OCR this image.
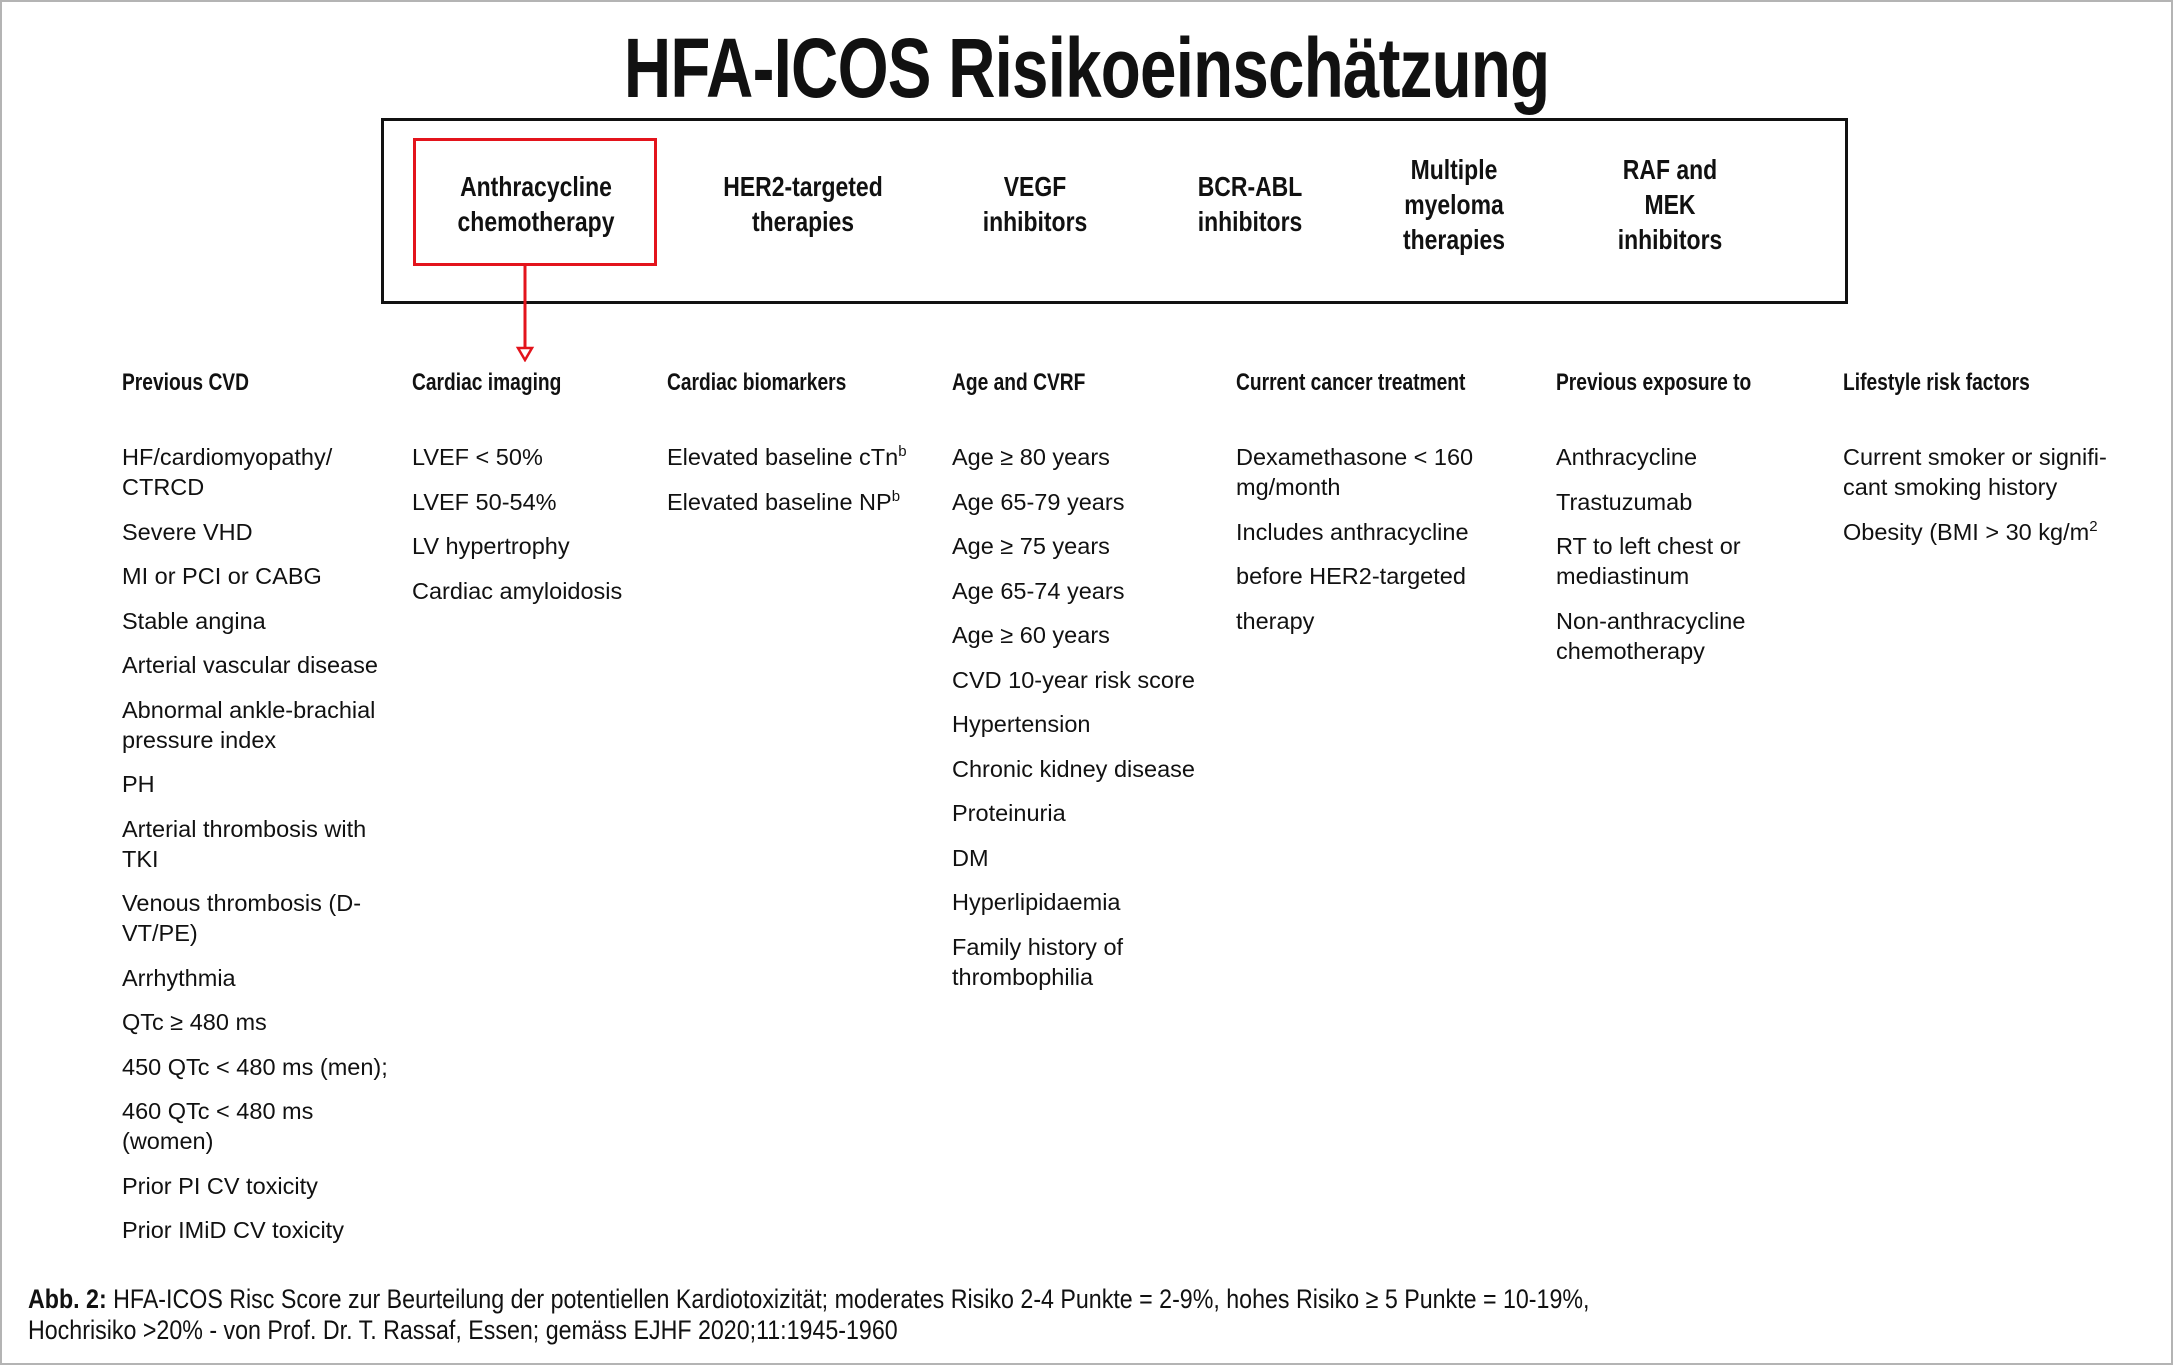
HFA-ICOS Risikoeinschätzung
Anthracycline
chemotherapy
HER2-targeted
therapies
VEGF
inhibitors
BCR-ABL
inhibitors
Multiple
myeloma
therapies
RAF and
MEK
inhibitors
Previous CVD
HF/cardiomyopathy/
CTRCD
Severe VHD
MI or PCI or CABG
Stable angina
Arterial vascular disease
Abnormal ankle-brachial
pressure index
PH
Arterial thrombosis with
TKI
Venous thrombosis (D-
VT/PE)
Arrhythmia
QTc ≥ 480 ms
450 QTc < 480 ms (men);
460 QTc < 480 ms
(women)
Prior PI CV toxicity
Prior IMiD CV toxicity
Cardiac imaging
LVEF < 50%
LVEF 50-54%
LV hypertrophy
Cardiac amyloidosis
Cardiac biomarkers
Elevated baseline cTn$^b$
Elevated baseline $NP^b$
Age and CVRF
Age ≥ 80 years
Age 65-79 years
Age ≥ 75 years
Age 65-74 years
Age ≥ 60 years
CVD 10-year risk score
Hypertension
Chronic kidney disease
Proteinuria
DM
Hyperlipidaemia
Family history of
thrombophilia
Current cancer treatment
Dexamethasone < 160
mg/month
Includes anthracycline
before HER2-targeted
therapy
Previous exposure to
Anthracycline
Trastuzumab
RT to left chest or
mediastinum
Non-anthracycline
chemotherapy
Lifestyle risk factors
Current smoker or signifi-
cant smoking history
Obesity (BMI > 30 $kg/m^2$
Abb. 2: HFA-ICOS Risc Score zur Beurteilung der potentiellen Kardiotoxizität; moderates Risiko 2-4 Punkte = 2-9%, hohes Risiko ≥ 5 Punkte = 10-19%,
Hochrisiko >20% - von Prof. Dr. T. Rassaf, Essen; gemäss EJHF 2020;11:1945-1960
